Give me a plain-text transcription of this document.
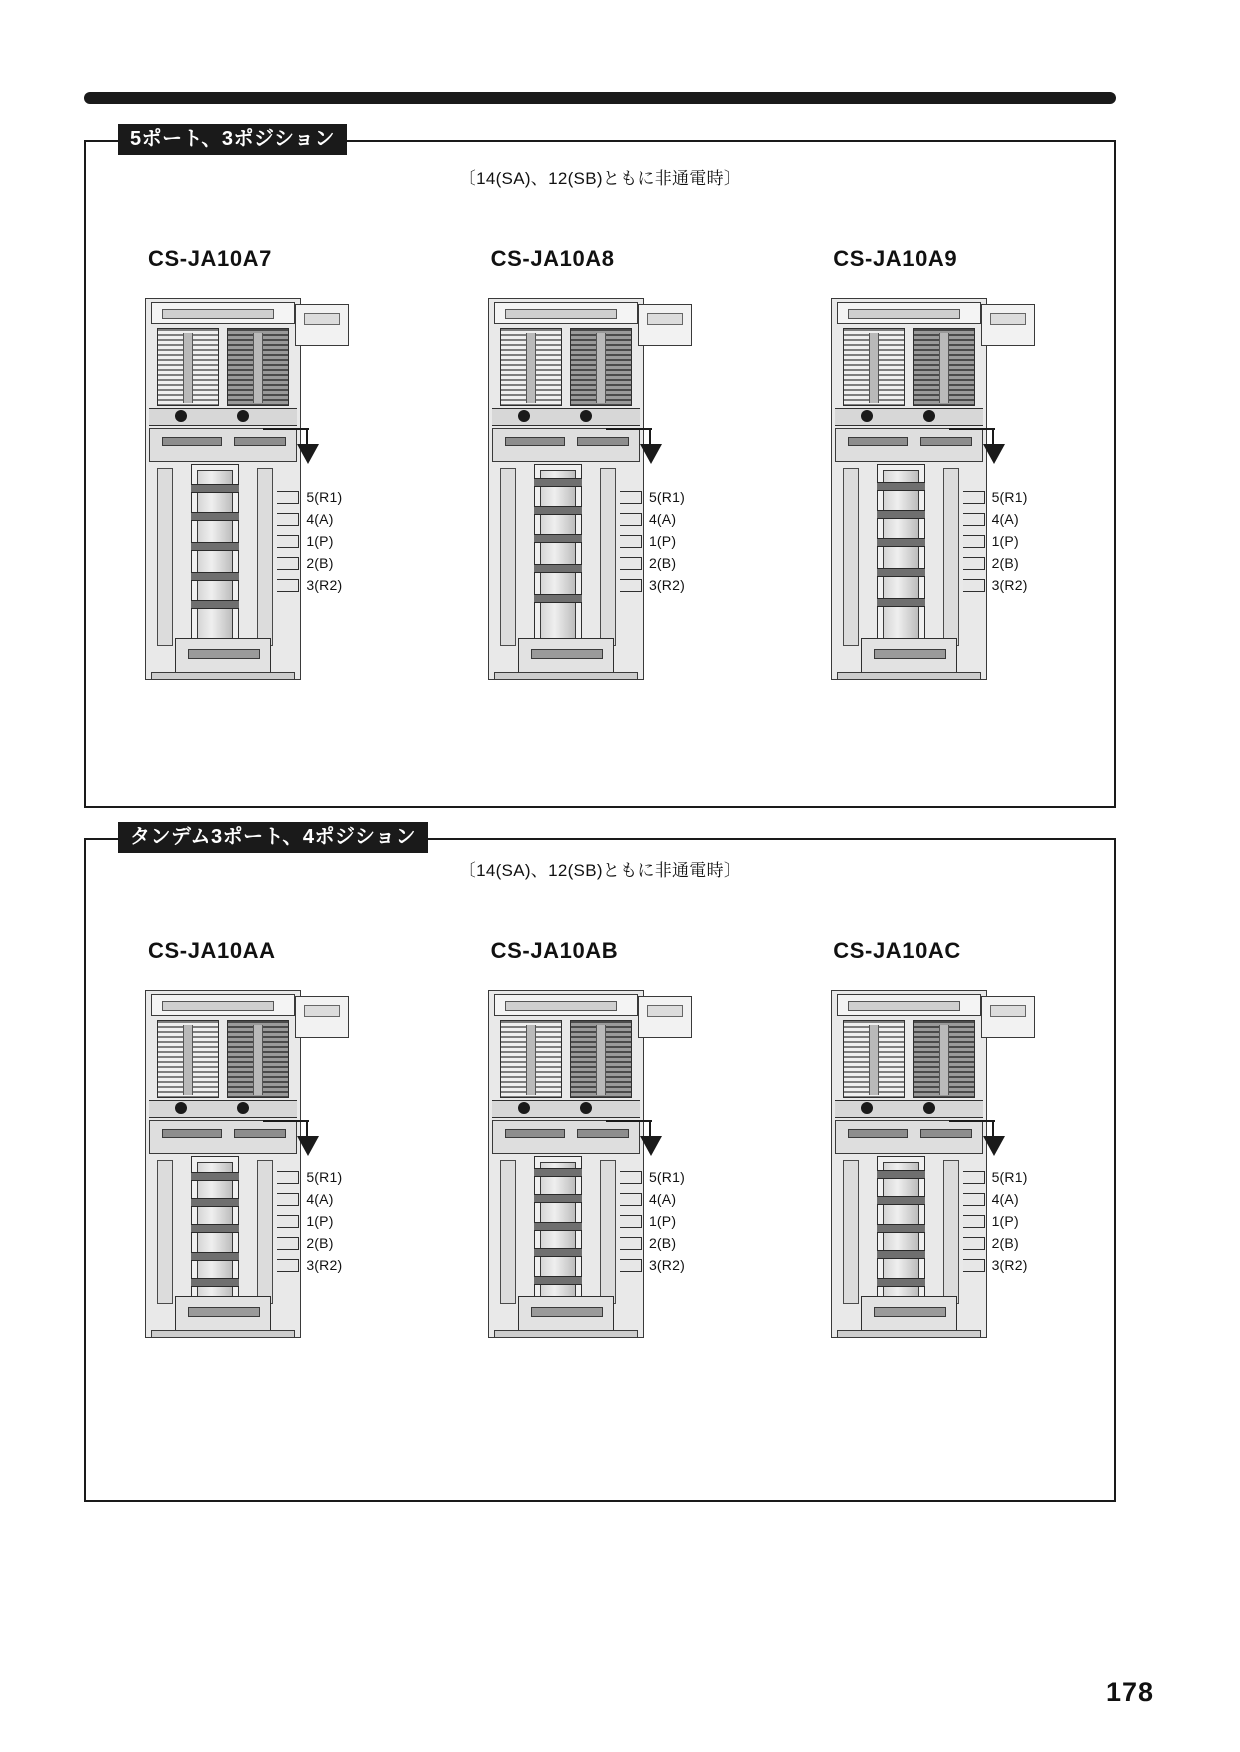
5ポート、3ポジション
〔14(SA)、12(SB)ともに非通電時〕
CS-JA10A7
5(R1)
4(A)
1(P)
2(B)
3(R2)
CS-JA10A8
5(R1)
4(A)
1(P)
2(B)
3(R2)
CS-JA10A9
5(R1)
4(A)
1(P)
2(B)
3(R2)
タンデム3ポート、4ポジション
〔14(SA)、12(SB)ともに非通電時〕
CS-JA10AA
5(R1)
4(A)
1(P)
2(B)
3(R2)
CS-JA10AB
5(R1)
4(A)
1(P)
2(B)
3(R2)
CS-JA10AC
5(R1)
4(A)
1(P)
2(B)
3(R2)
178
